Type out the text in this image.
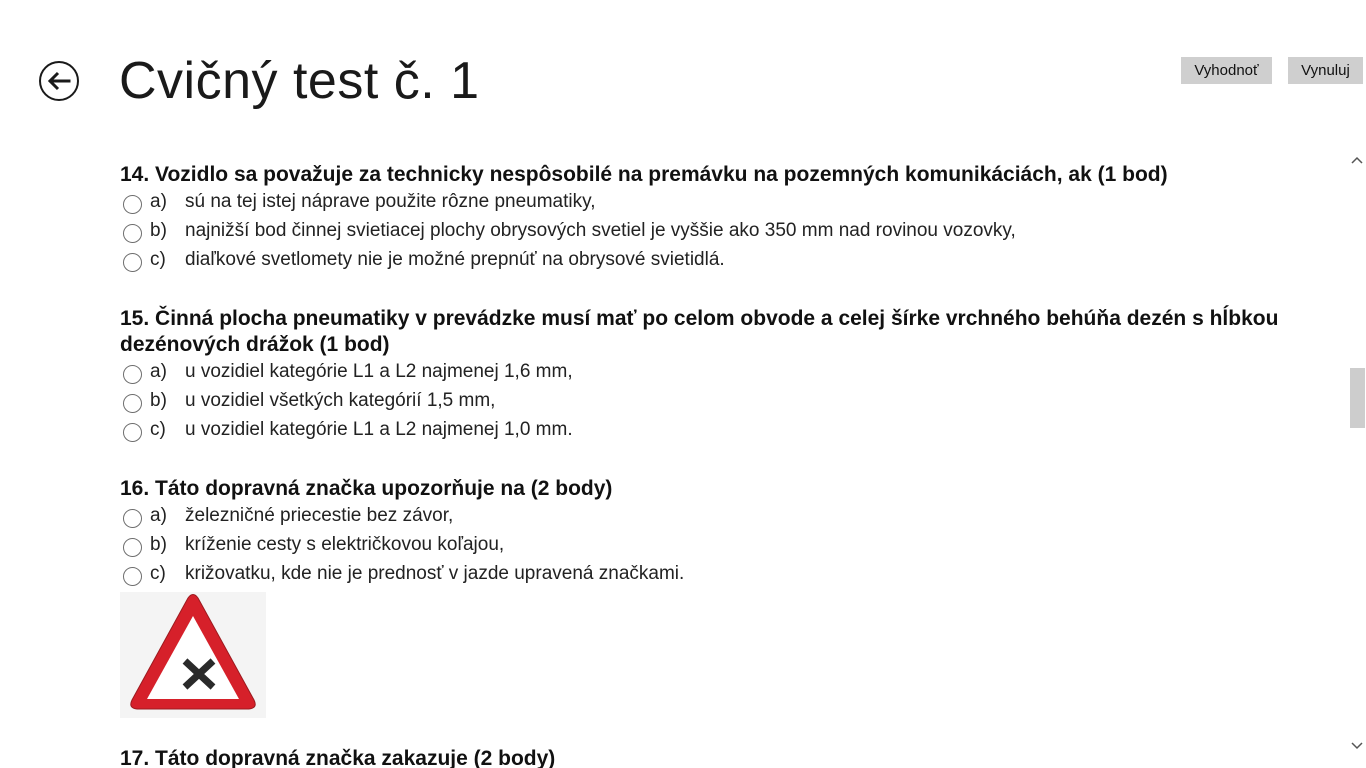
Cvičný test č. 1	Vyhodnoť	Vynuluj

14. Vozidlo sa považuje za technicky nespôsobilé na premávku na pozemných komunikáciách, ak (1 bod)

a) sú na tej istej náprave použite rôzne pneumatiky,
b) najnižší bod činnej svietiacej plochy obrysových svetiel je vyššie ako 350 mm nad rovinou vozovky,
c) diaľkové svetlomety nie je možné prepnúť na obrysové svietidlá.

15. Činná plocha pneumatiky v prevádzke musí mať po celom obvode a celej šírke vrchného behúňa dezén s hĺbkou dezénových drážok (1 bod)

a) u vozidiel kategórie L1 a L2 najmenej 1,6 mm,
b) u vozidiel všetkých kategórií 1,5 mm,
c) u vozidiel kategórie L1 a L2 najmenej 1,0 mm.

16. Táto dopravná značka upozorňuje na (2 body)

a) železničné priecestie bez závor,
b) kríženie cesty s električkovou koľajou,
c) križovatku, kde nie je prednosť v jazde upravená značkami.

17. Táto dopravná značka zakazuje (2 body)
